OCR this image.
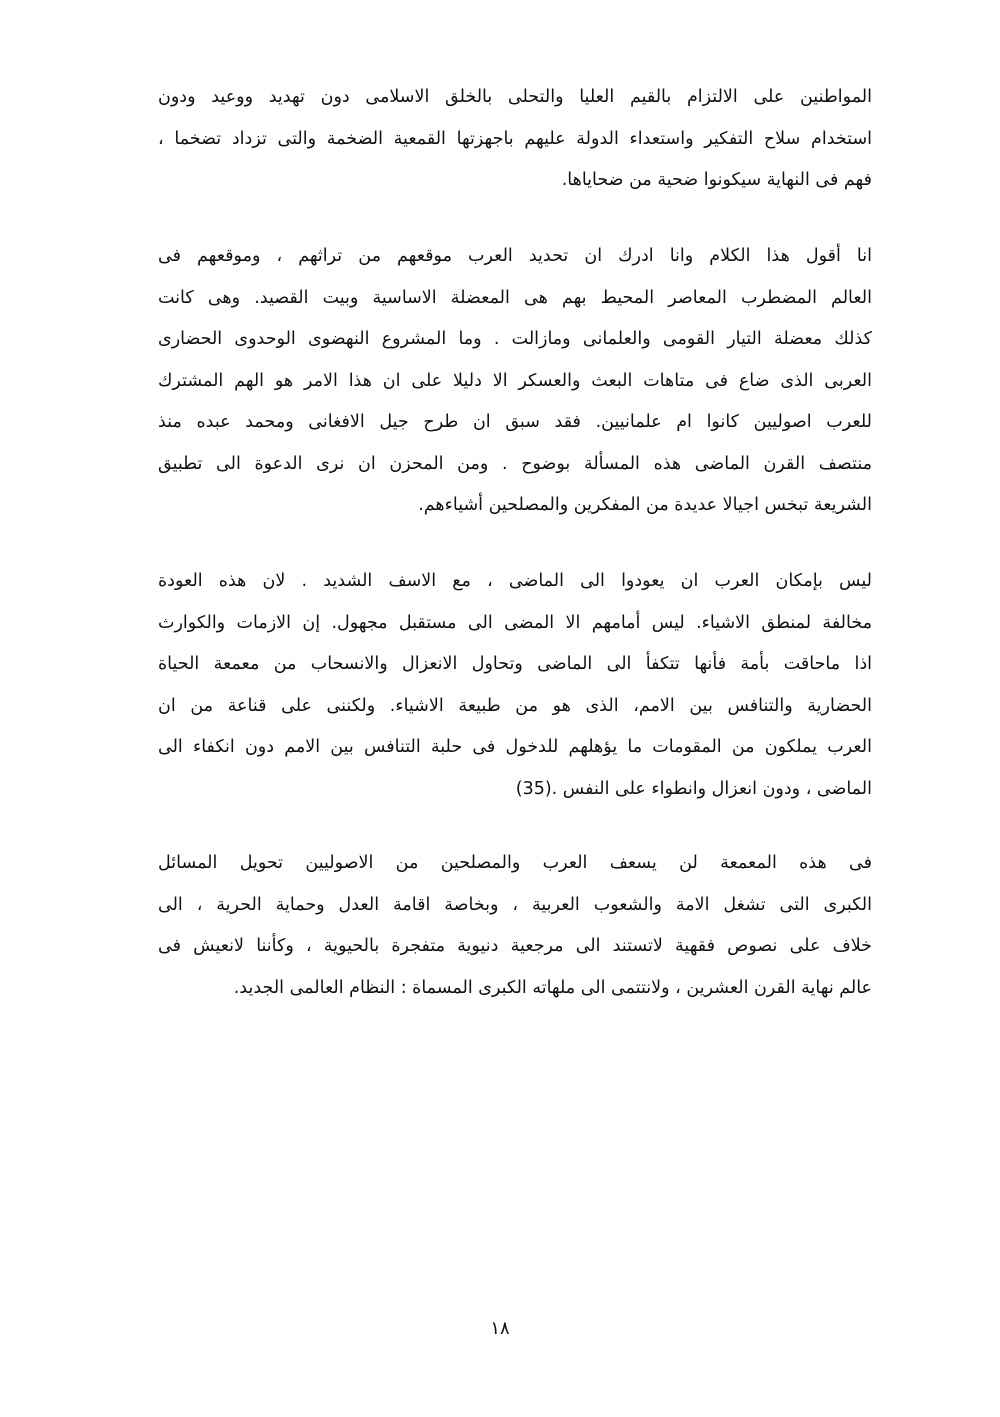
المواطنين على الالتزام بالقيم العليا والتحلى بالخلق الاسلامى دون تهديد ووعيد ودون
استخدام سلاح التفكير واستعداء الدولة عليهم باجهزتها القمعية الضخمة والتى تزداد تضخما ،
فهم فى النهاية سيكونوا ضحية من ضحاياها.
انا أقول هذا الكلام وانا ادرك ان تحديد العرب موقعهم من تراثهم ، وموقعهم فى
العالم المضطرب المعاصر المحيط بهم هى المعضلة الاساسية وبيت القصيد. وهى كانت
كذلك معضلة التيار القومى والعلمانى ومازالت . وما المشروع النهضوى الوحدوى الحضارى
العربى الذى ضاع فى متاهات البعث والعسكر الا دليلا على ان هذا الامر هو الهم المشترك
للعرب اصوليين كانوا ام علمانيين. فقد سبق ان طرح جيل الافغانى ومحمد عبده منذ
منتصف القرن الماضى هذه المسألة بوضوح . ومن المحزن ان نرى الدعوة الى تطبيق
الشريعة تبخس اجيالا عديدة من المفكرين والمصلحين أشياءهم.
ليس بإمكان العرب ان يعودوا الى الماضى ، مع الاسف الشديد . لان هذه العودة
مخالفة لمنطق الاشياء. ليس أمامهم الا المضى الى مستقبل مجهول. إن الازمات والكوارث
اذا ماحاقت بأمة فأنها تتكفأ الى الماضى وتحاول الانعزال والانسحاب من معمعة الحياة
الحضارية والتنافس بين الامم، الذى هو من طبيعة الاشياء. ولكننى على قناعة من ان
العرب يملكون من المقومات ما يؤهلهم للدخول فى حلبة التنافس بين الامم دون انكفاء الى
الماضى ، ودون انعزال وانطواء على النفس .(35)
فى هذه المعمعة لن يسعف العرب والمصلحين من الاصوليين تحويل المسائل
الكبرى التى تشغل الامة والشعوب العربية ، وبخاصة اقامة العدل وحماية الحرية ، الى
خلاف على نصوص فقهية لاتستند الى مرجعية دنيوية متفجرة بالحيوية ، وكأننا لانعيش فى
عالم نهاية القرن العشرين ، ولانتتمى الى ملهاته الكبرى المسماة : النظام العالمى الجديد.
١٨
